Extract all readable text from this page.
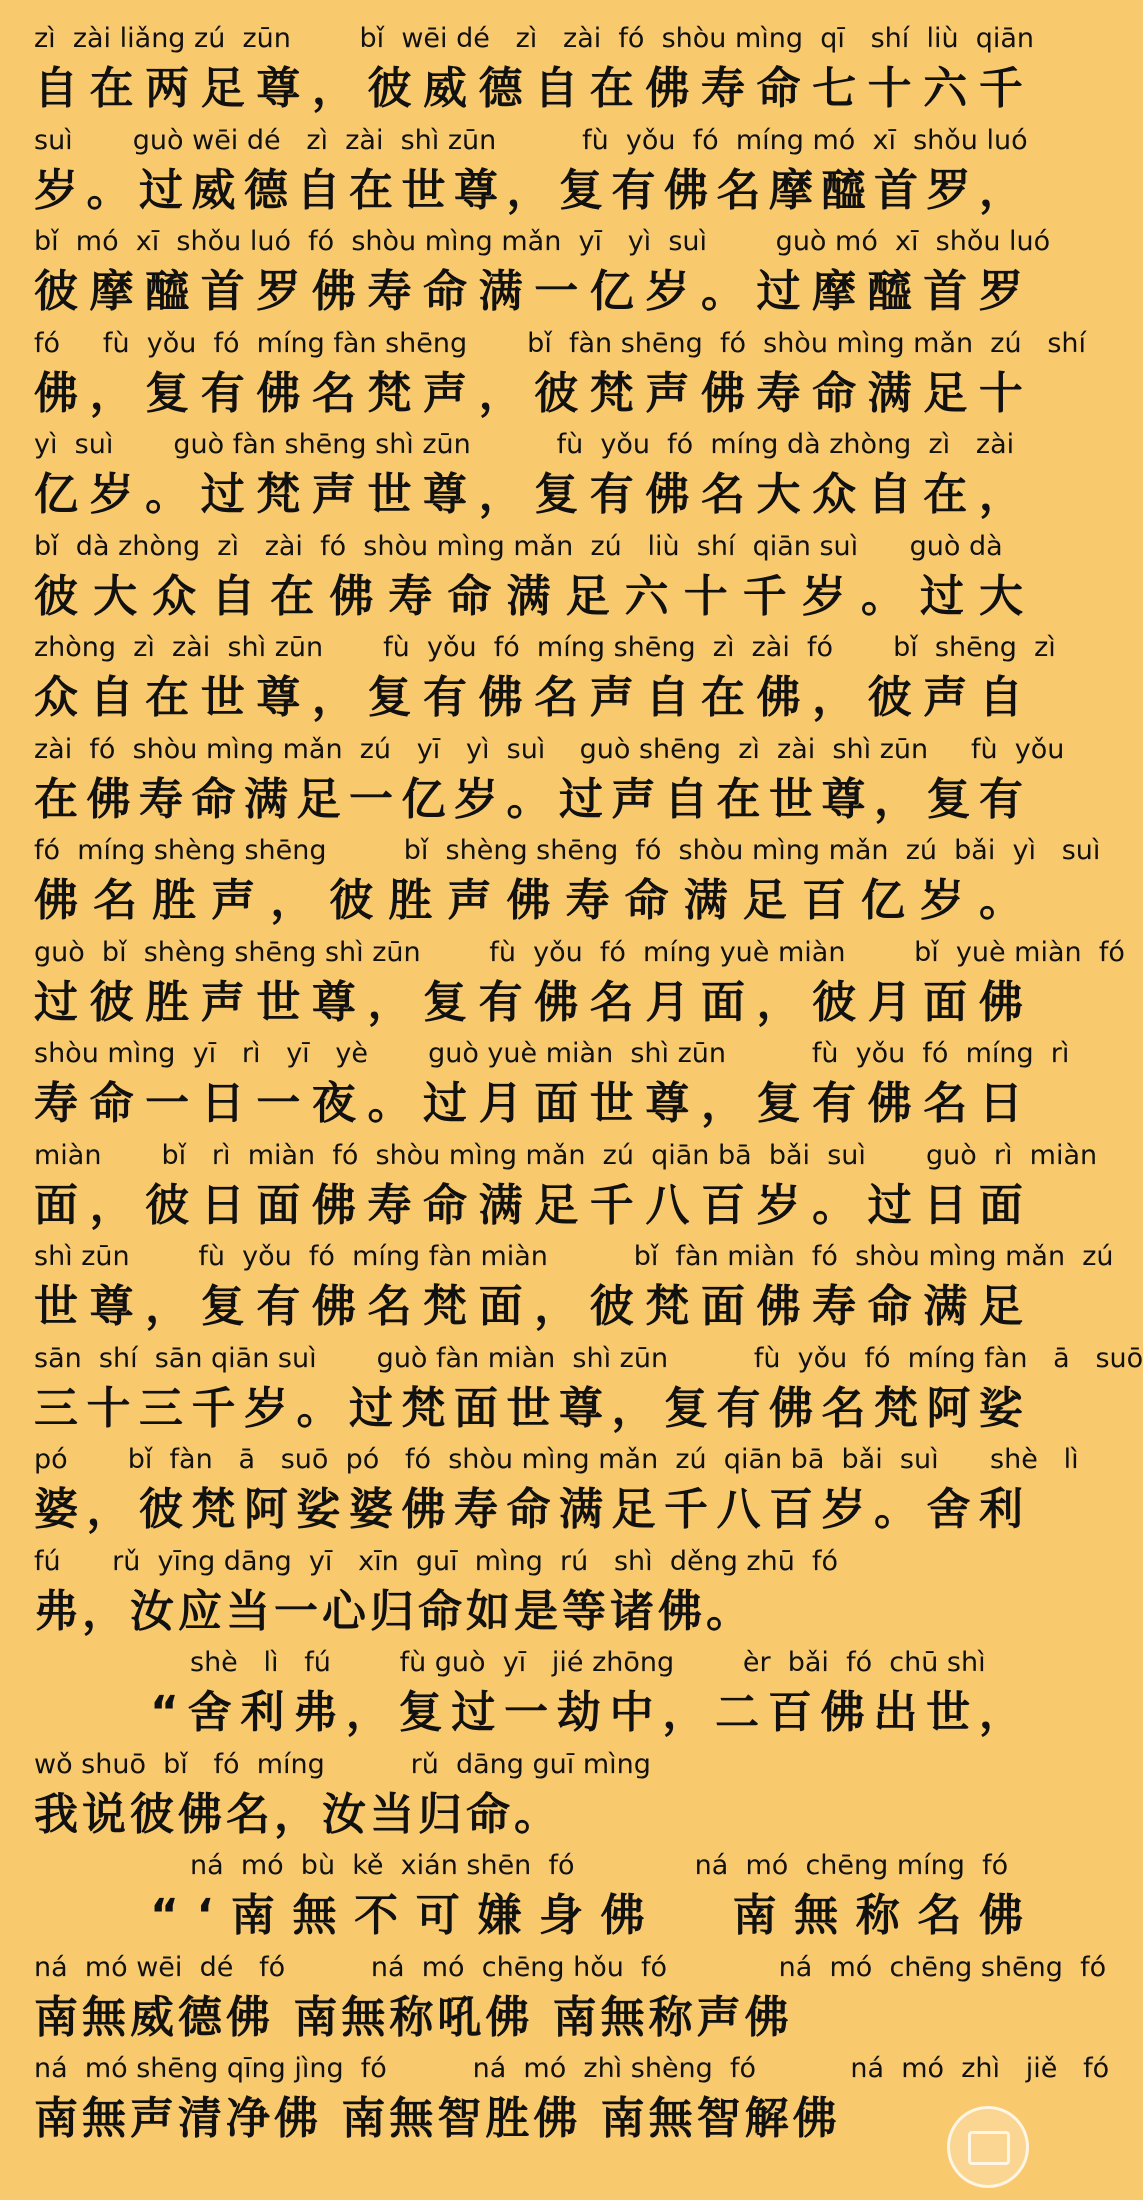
zì  zài liǎng zú  zūn        bǐ  wēi dé   zì   zài  fó  shòu mìng  qī   shí  liù  qiān
自 在 两 足 尊 ， 彼 威 德 自 在 佛 寿 命 七 十 六 千
suì       guò wēi dé   zì  zài  shì zūn          fù  yǒu  fó  míng mó  xī  shǒu luó
岁 。 过 威 德 自 在 世 尊 ， 复 有 佛 名 摩 醯 首 罗 ，
bǐ  mó  xī  shǒu luó  fó  shòu mìng mǎn  yī   yì  suì        guò mó  xī  shǒu luó
彼 摩 醯 首 罗 佛 寿 命 满 一 亿 岁 。 过 摩 醯 首 罗
fó     fù  yǒu  fó  míng fàn shēng       bǐ  fàn shēng  fó  shòu mìng mǎn  zú   shí
佛 ， 复 有 佛 名 梵 声 ， 彼 梵 声 佛 寿 命 满 足 十
yì  suì       guò fàn shēng shì zūn          fù  yǒu  fó  míng dà zhòng  zì   zài
亿 岁 。 过 梵 声 世 尊 ， 复 有 佛 名 大 众 自 在 ，
bǐ  dà zhòng  zì   zài  fó  shòu mìng mǎn  zú   liù  shí  qiān suì      guò dà
彼 大 众 自 在 佛 寿 命 满 足 六 十 千 岁 。 过 大
zhòng  zì  zài  shì zūn       fù  yǒu  fó  míng shēng  zì  zài  fó       bǐ  shēng  zì
众 自 在 世 尊 ， 复 有 佛 名 声 自 在 佛 ， 彼 声 自
zài  fó  shòu mìng mǎn  zú   yī   yì  suì    guò shēng  zì  zài  shì zūn     fù  yǒu
在 佛 寿 命 满 足 一 亿 岁 。 过 声 自 在 世 尊 ， 复 有
fó  míng shèng shēng         bǐ  shèng shēng  fó  shòu mìng mǎn  zú  bǎi  yì   suì
佛 名 胜 声 ， 彼 胜 声 佛 寿 命 满 足 百 亿 岁 。
guò  bǐ  shèng shēng shì zūn        fù  yǒu  fó  míng yuè miàn        bǐ  yuè miàn  fó
过 彼 胜 声 世 尊 ， 复 有 佛 名 月 面 ， 彼 月 面 佛
shòu mìng  yī   rì   yī   yè       guò yuè miàn  shì zūn          fù  yǒu  fó  míng  rì
寿 命 一 日 一 夜 。 过 月 面 世 尊 ， 复 有 佛 名 日
miàn       bǐ   rì  miàn  fó  shòu mìng mǎn  zú  qiān bā  bǎi  suì       guò  rì  miàn
面 ， 彼 日 面 佛 寿 命 满 足 千 八 百 岁 。 过 日 面
shì zūn        fù  yǒu  fó  míng fàn miàn          bǐ  fàn miàn  fó  shòu mìng mǎn  zú
世 尊 ， 复 有 佛 名 梵 面 ， 彼 梵 面 佛 寿 命 满 足
sān  shí  sān qiān suì       guò fàn miàn  shì zūn          fù  yǒu  fó  míng fàn   ā   suō
三 十 三 千 岁 。 过 梵 面 世 尊 ， 复 有 佛 名 梵 阿 娑
pó       bǐ  fàn   ā   suō  pó   fó  shòu mìng mǎn  zú  qiān bā  bǎi  suì      shè   lì
婆 ， 彼 梵 阿 娑 婆 佛 寿 命 满 足 千 八 百 岁 。 舍 利
fú      rǔ  yīng dāng  yī   xīn  guī  mìng  rú   shì  děng zhū  fó
弗，汝应当一心归命如是等诸佛。
shè   lì   fú        fù guò  yī   jié zhōng        èr  bǎi  fó  chū shì
“ 舍 利 弗 ， 复 过 一 劫 中 ， 二 百 佛 出 世 ，
wǒ shuō  bǐ   fó  míng          rǔ  dāng guī mìng
我说彼佛名，汝当归命。
ná  mó  bù  kě  xián shēn  fó              ná  mó  chēng míng  fó
“ ‘ 南 無 不 可 嫌 身 佛 南 無 称 名 佛
ná  mó wēi  dé   fó          ná  mó  chēng hǒu  fó             ná  mó  chēng shēng  fó
南無威德佛 南無称吼佛 南無称声佛
ná  mó shēng qīng jìng  fó          ná  mó  zhì shèng  fó           ná  mó  zhì   jiě   fó
南無声清净佛 南無智胜佛 南無智解佛
